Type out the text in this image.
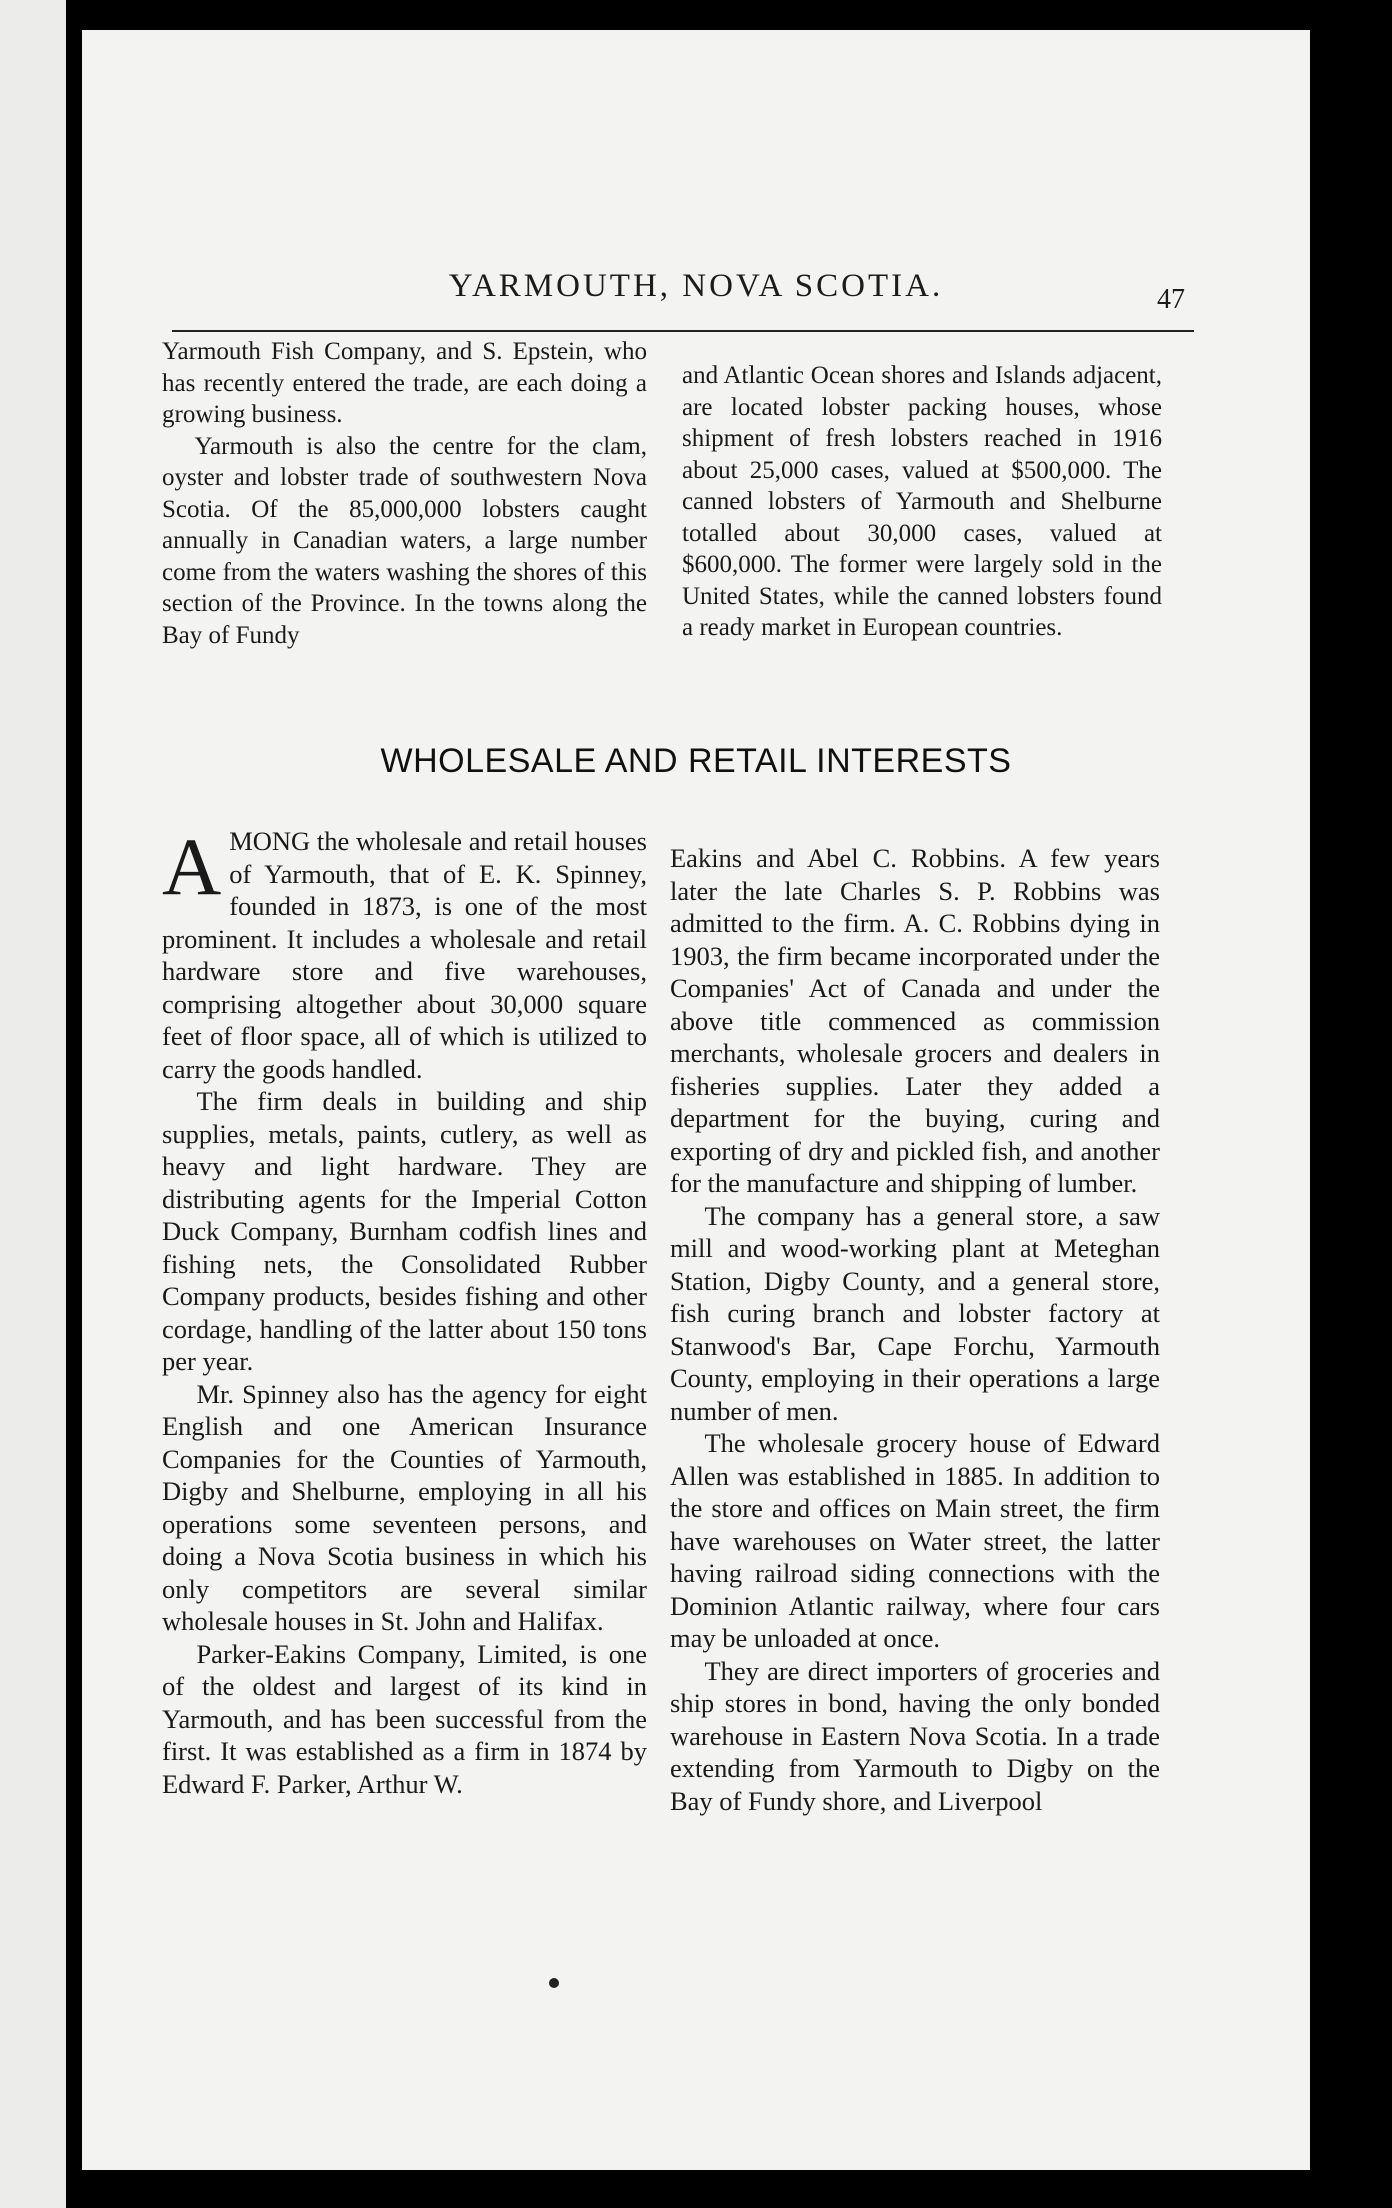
YARMOUTH, NOVA SCOTIA.	47

Yarmouth Fish Company, and S. Epstein, who has recently entered the trade, are each doing a growing business.

Yarmouth is also the centre for the clam, oyster and lobster trade of southwestern Nova Scotia. Of the 85,000,000 lobsters caught annually in Canadian waters, a large number come from the waters washing the shores of this section of the Province. In the towns along the Bay of Fundy

and Atlantic Ocean shores and Islands adjacent, are located lobster packing houses, whose shipment of fresh lobsters reached in 1916 about 25,000 cases, valued at $500,000. The canned lobsters of Yarmouth and Shelburne totalled about 30,000 cases, valued at $600,000. The former were largely sold in the United States, while the canned lobsters found a ready market in European countries.

WHOLESALE AND RETAIL INTERESTS

AMONG the wholesale and retail houses of Yarmouth, that of E. K. Spinney, founded in 1873, is one of the most prominent. It includes a wholesale and retail hardware store and five warehouses, comprising altogether about 30,000 square feet of floor space, all of which is utilized to carry the goods handled.

The firm deals in building and ship supplies, metals, paints, cutlery, as well as heavy and light hardware. They are distributing agents for the Imperial Cotton Duck Company, Burnham codfish lines and fishing nets, the Consolidated Rubber Company products, besides fishing and other cordage, handling of the latter about 150 tons per year.

Mr. Spinney also has the agency for eight English and one American Insurance Companies for the Counties of Yarmouth, Digby and Shelburne, employing in all his operations some seventeen persons, and doing a Nova Scotia business in which his only competitors are several similar wholesale houses in St. John and Halifax.

Parker-Eakins Company, Limited, is one of the oldest and largest of its kind in Yarmouth, and has been successful from the first. It was established as a firm in 1874 by Edward F. Parker, Arthur W.

Eakins and Abel C. Robbins. A few years later the late Charles S. P. Robbins was admitted to the firm. A. C. Robbins dying in 1903, the firm became incorporated under the Companies' Act of Canada and under the above title commenced as commission merchants, wholesale grocers and dealers in fisheries supplies. Later they added a department for the buying, curing and exporting of dry and pickled fish, and another for the manufacture and shipping of lumber.

The company has a general store, a saw mill and wood-working plant at Meteghan Station, Digby County, and a general store, fish curing branch and lobster factory at Stanwood's Bar, Cape Forchu, Yarmouth County, employing in their operations a large number of men.

The wholesale grocery house of Edward Allen was established in 1885. In addition to the store and offices on Main street, the firm have warehouses on Water street, the latter having railroad siding connections with the Dominion Atlantic railway, where four cars may be unloaded at once.

They are direct importers of groceries and ship stores in bond, having the only bonded warehouse in Eastern Nova Scotia. In a trade extending from Yarmouth to Digby on the Bay of Fundy shore, and Liverpool
